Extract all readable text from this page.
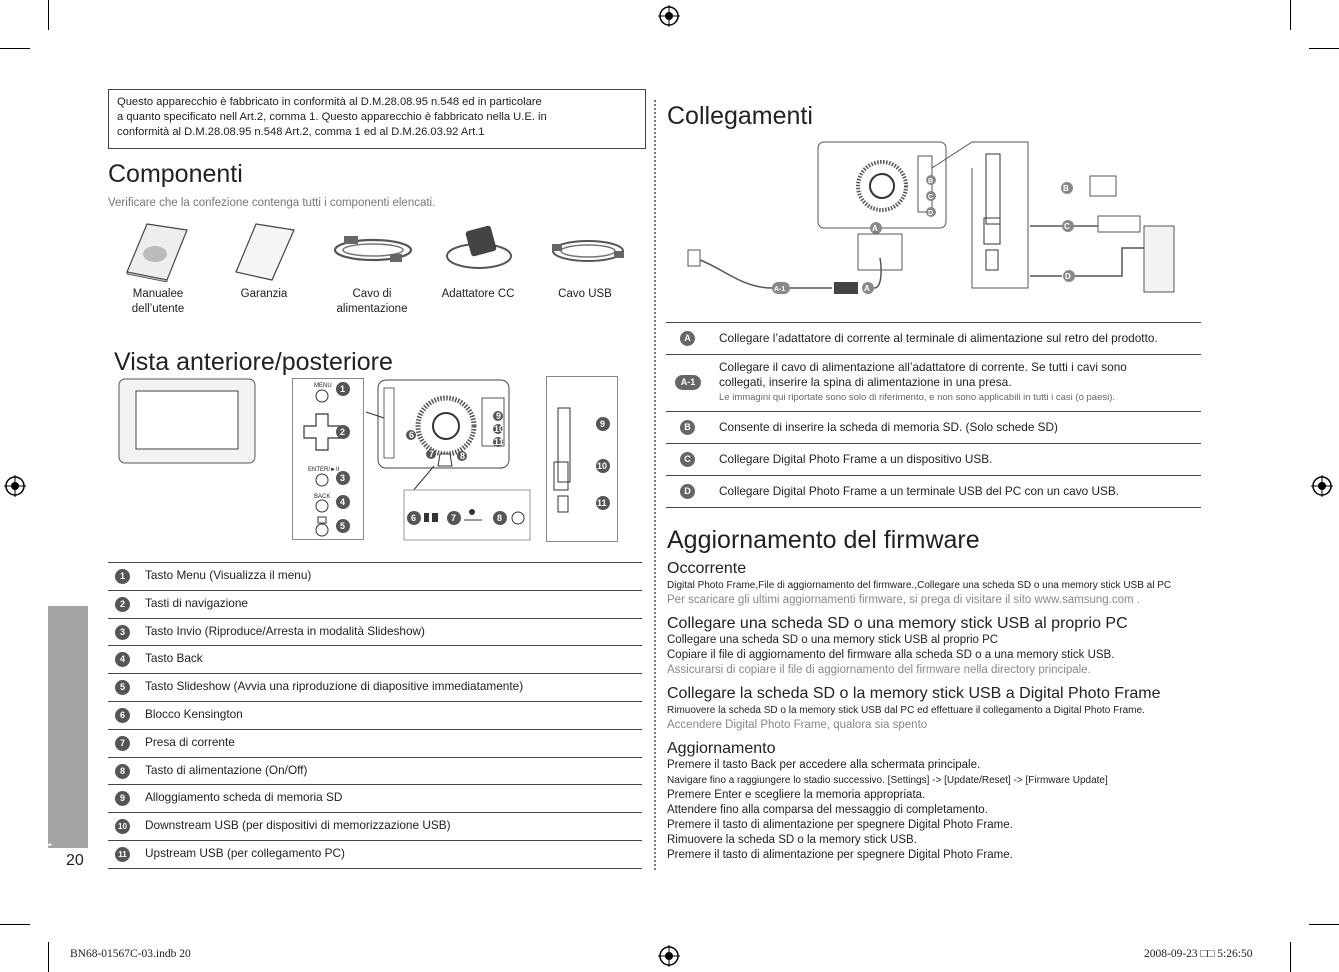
Questo apparecchio è fabbricato in conformità al D.M.28.08.95 n.548 ed in particolare
a quanto specificato nell Art.2, comma 1. Questo apparecchio è fabbricato nella U.E. in
conformità al D.M.28.08.95 n.548 Art.2, comma 1 ed al D.M.26.03.92 Art.1
Componenti
Verificare che la confezione contenga tutti i componenti elencati.
Manualee
dell’utente
Garanzia	Cavo di
alimentazione
Adattatore CC	Cavo USB
Vista anteriore/posteriore
MENU
ENTER/►II
BACK
1
2
3
4
5
6
7	8
9
10
11
6	7	8
9
10
11
1	Tasto Menu (Visualizza il menu)
2	Tasti di navigazione
3	Tasto Invio (Riproduce/Arresta in modalità Slideshow)
4	Tasto Back
5	Tasto Slideshow (Avvia una riproduzione di diapositive immediatamente)
6	Blocco Kensington
7	Presa di corrente
8	Tasto di alimentazione (On/Off)
9	Alloggiamento scheda di memoria SD
10 Downstream USB (per dispositivi di memorizzazione USB)
11 Upstream USB (per collegamento PC)
Collegamenti
B
C
D
A
B
C
D
A-1	A
A	Collegare l’adattatore di corrente al terminale di alimentazione sul retro del prodotto.
A-1
Collegare il cavo di alimentazione all’adattatore di corrente. Se tutti i cavi sono
collegati, inserire la spina di alimentazione in una presa.
Le immagini qui riportate sono solo di riferimento, e non sono applicabili in tutti i casi (o paesi).
B	Consente di inserire la scheda di memoria SD. (Solo schede SD)
C	Collegare Digital Photo Frame a un dispositivo USB.
D	Collegare Digital Photo Frame a un terminale USB del PC con un cavo USB.
Aggiornamento del firmware
Occorrente
Digital Photo Frame,File di aggiornamento del firmware.,Collegare una scheda SD o una memory stick USB al PC
Per scaricare gli ultimi aggiornamenti firmware, si prega di visitare il sito www.samsung.com .
Collegare una scheda SD o una memory stick USB al proprio PC
Collegare una scheda SD o una memory stick USB al proprio PC
Copiare il file di aggiornamento del firmware alla scheda SD o a una memory stick USB.
Assicurarsi di copiare il file di aggiornamento del firmware nella directory principale.
Collegare la scheda SD o la memory stick USB a Digital Photo Frame
Rimuovere la scheda SD o la memory stick USB dal PC ed effettuare il collegamento a Digital Photo Frame.
Accendere Digital Photo Frame, qualora sia spento
Aggiornamento
Premere il tasto Back per accedere alla schermata principale.
Navigare fino a raggiungere lo stadio successivo. [Settings] -> [Update/Reset] -> [Firmware Update]
Premere Enter e scegliere la memoria appropriata.
Attendere fino alla comparsa del messaggio di completamento.
Premere il tasto di alimentazione per spegnere Digital Photo Frame.
Rimuovere la scheda SD o la memory stick USB.
Premere il tasto di alimentazione per spegnere Digital Photo Frame.
Italiano 20
BN68-01567C-03.indb 20	2008-09-23 □□ 5:26:50
